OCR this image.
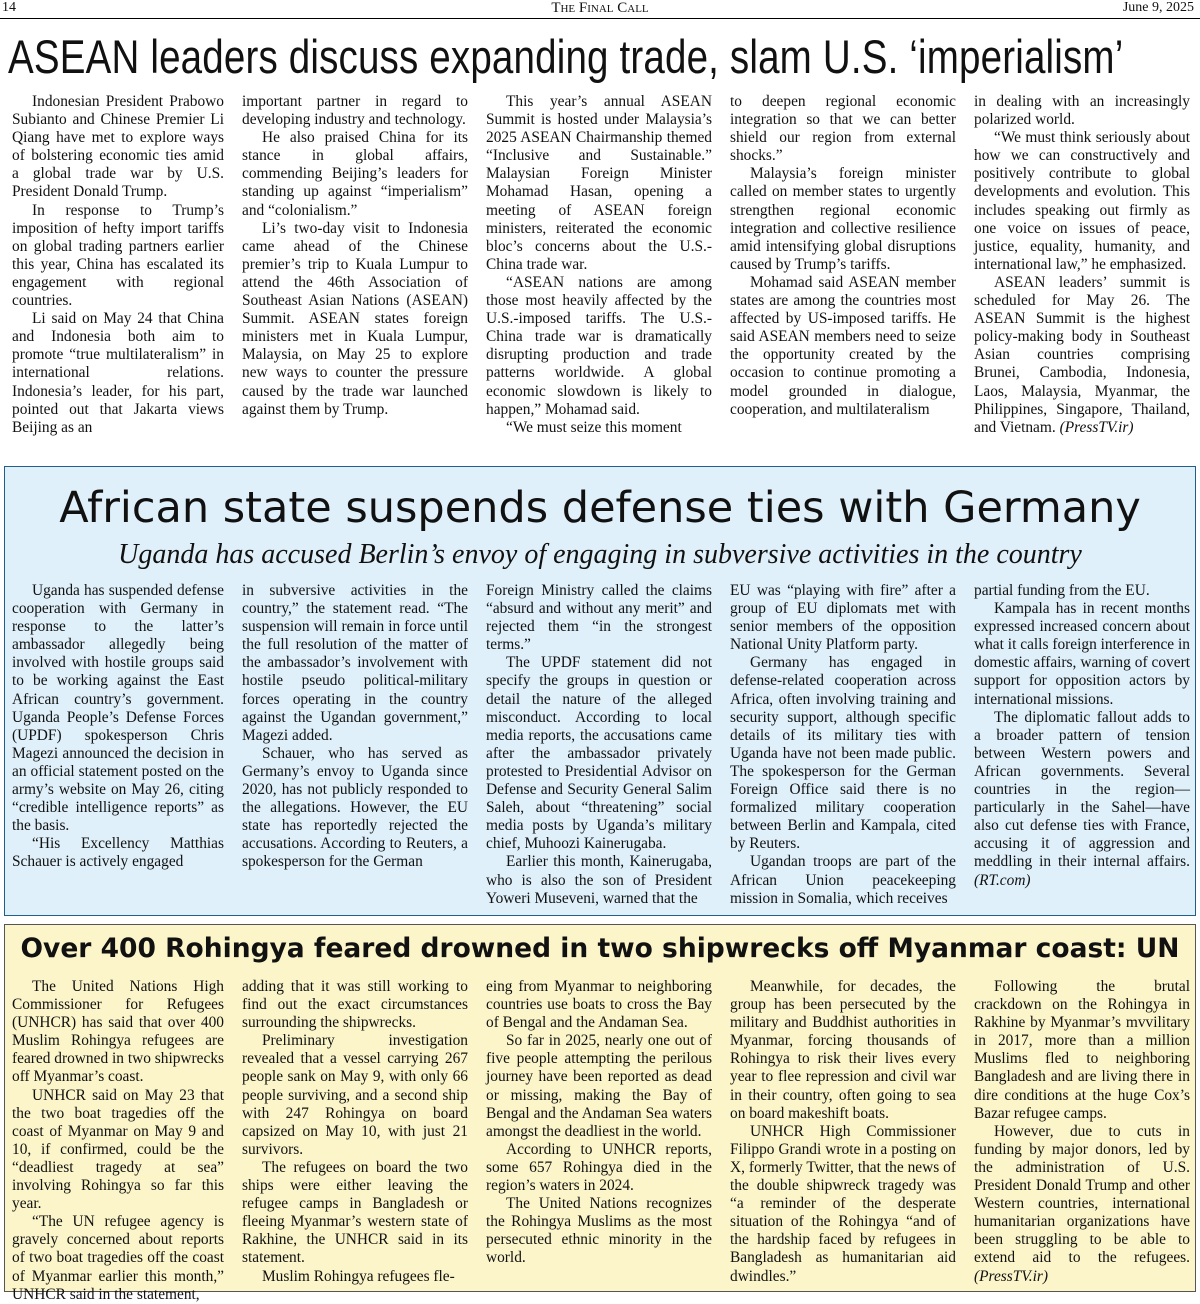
14	The Final Call	June 9, 2025
ASEAN leaders discuss expanding trade, slam U.S. ‘imperialism’

Indonesian President Prabowo Subianto and Chinese Premier Li Qiang have met to explore ways of bolstering economic ties amid a global trade war by U.S. President Donald Trump.

In response to Trump’s imposition of hefty import tariffs on global trading partners earlier this year, China has escalated its engagement with regional countries.

Li said on May 24 that China and Indonesia both aim to promote “true multilateralism” in international relations. Indonesia’s leader, for his part, pointed out that Jakarta views Beijing as an

important partner in regard to developing industry and technology.

He also praised China for its stance in global affairs, commending Beijing’s leaders for standing up against “imperialism” and “colonialism.”

Li’s two-day visit to Indonesia came ahead of the Chinese premier’s trip to Kuala Lumpur to attend the 46th Association of Southeast Asian Nations (ASEAN) Summit. ASEAN states foreign ministers met in Kuala Lumpur, Malaysia, on May 25 to explore new ways to counter the pressure caused by the trade war launched against them by Trump.

This year’s annual ASEAN Summit is hosted under Malaysia’s 2025 ASEAN Chairmanship themed “Inclusive and Sustainable.” Malaysian Foreign Minister Mohamad Hasan, opening a meeting of ASEAN foreign ministers, reiterated the economic bloc’s concerns about the U.S.-China trade war.

“ASEAN nations are among those most heavily affected by the U.S.-imposed tariffs. The U.S.-China trade war is dramatically disrupting production and trade patterns worldwide. A global economic slowdown is likely to happen,” Mohamad said.

“We must seize this moment

to deepen regional economic integration so that we can better shield our region from external shocks.”

Malaysia’s foreign minister called on member states to urgently strengthen regional economic integration and collective resilience amid intensifying global disruptions caused by Trump’s tariffs.

Mohamad said ASEAN member states are among the countries most affected by US-imposed tariffs. He said ASEAN members need to seize the opportunity created by the occasion to continue promoting a model grounded in dialogue, cooperation, and multilateralism

in dealing with an increasingly polarized world.

“We must think seriously about how we can constructively and positively contribute to global developments and evolution. This includes speaking out firmly as one voice on issues of peace, justice, equality, humanity, and international law,” he emphasized.

ASEAN leaders’ summit is scheduled for May 26. The ASEAN Summit is the highest policy-making body in Southeast Asian countries comprising Brunei, Cambodia, Indonesia, Laos, Malaysia, Myanmar, the Philippines, Singapore, Thailand, and Vietnam. (PressTV.ir)

African state suspends defense ties with Germany
Uganda has accused Berlin’s envoy of engaging in subversive activities in the country

Uganda has suspended defense cooperation with Germany in response to the latter’s ambassador allegedly being involved with hostile groups said to be working against the East African country’s government. Uganda People’s Defense Forces (UPDF) spokesperson Chris Magezi announced the decision in an official statement posted on the army’s website on May 26, citing “credible intelligence reports” as the basis.

“His Excellency Matthias Schauer is actively engaged

in subversive activities in the country,” the statement read. “The suspension will remain in force until the full resolution of the matter of the ambassador’s involvement with hostile pseudo political-military forces operating in the country against the Ugandan government,” Magezi added.

Schauer, who has served as Germany’s envoy to Uganda since 2020, has not publicly responded to the allegations. However, the EU state has reportedly rejected the accusations. According to Reuters, a spokesperson for the German

Foreign Ministry called the claims “absurd and without any merit” and rejected them “in the strongest terms.”

The UPDF statement did not specify the groups in question or detail the nature of the alleged misconduct. According to local media reports, the accusations came after the ambassador privately protested to Presidential Advisor on Defense and Security General Salim Saleh, about “threatening” social media posts by Uganda’s military chief, Muhoozi Kainerugaba.

Earlier this month, Kainerugaba, who is also the son of President Yoweri Museveni, warned that the

EU was “playing with fire” after a group of EU diplomats met with senior members of the opposition National Unity Platform party.

Germany has engaged in defense-related cooperation across Africa, often involving training and security support, although specific details of its military ties with Uganda have not been made public. The spokesperson for the German Foreign Office said there is no formalized military cooperation between Berlin and Kampala, cited by Reuters.

Ugandan troops are part of the African Union peacekeeping mission in Somalia, which receives

partial funding from the EU.

Kampala has in recent months expressed increased concern about what it calls foreign interference in domestic affairs, warning of covert support for opposition actors by international missions.

The diplomatic fallout adds to a broader pattern of tension between Western powers and African governments. Several countries in the region—particularly in the Sahel—have also cut defense ties with France, accusing it of aggression and meddling in their internal affairs. (RT.com)

Over 400 Rohingya feared drowned in two shipwrecks off Myanmar coast: UN

The United Nations High Commissioner for Refugees (UNHCR) has said that over 400 Muslim Rohingya refugees are feared drowned in two shipwrecks off Myanmar’s coast.

UNHCR said on May 23 that the two boat tragedies off the coast of Myanmar on May 9 and 10, if confirmed, could be the “deadliest tragedy at sea” involving Rohingya so far this year.

“The UN refugee agency is gravely concerned about reports of two boat tragedies off the coast of Myanmar earlier this month,” UNHCR said in the statement,

adding that it was still working to find out the exact circumstances surrounding the shipwrecks.

Preliminary investigation revealed that a vessel carrying 267 people sank on May 9, with only 66 people surviving, and a second ship with 247 Rohingya on board capsized on May 10, with just 21 survivors.

The refugees on board the two ships were either leaving the refugee camps in Bangladesh or fleeing Myanmar’s western state of Rakhine, the UNHCR said in its statement.

Muslim Rohingya refugees fle-

eing from Myanmar to neighboring countries use boats to cross the Bay of Bengal and the Andaman Sea.

So far in 2025, nearly one out of five people attempting the perilous journey have been reported as dead or missing, making the Bay of Bengal and the Andaman Sea waters amongst the deadliest in the world.

According to UNHCR reports, some 657 Rohingya died in the region’s waters in 2024.

The United Nations recognizes the Rohingya Muslims as the most persecuted ethnic minority in the world.

Meanwhile, for decades, the group has been persecuted by the military and Buddhist authorities in Myanmar, forcing thousands of Rohingya to risk their lives every year to flee repression and civil war in their country, often going to sea on board makeshift boats.

UNHCR High Commissioner Filippo Grandi wrote in a posting on X, formerly Twitter, that the news of the double shipwreck tragedy was “a reminder of the desperate situation of the Rohingya “and of the hardship faced by refugees in Bangladesh as humanitarian aid dwindles.”

Following the brutal crackdown on the Rohingya in Rakhine by Myanmar’s mvvilitary in 2017, more than a million Muslims fled to neighboring Bangladesh and are living there in dire conditions at the huge Cox’s Bazar refugee camps.

However, due to cuts in funding by major donors, led by the administration of U.S. President Donald Trump and other Western countries, international humanitarian organizations have been struggling to be able to extend aid to the refugees. (PressTV.ir)
